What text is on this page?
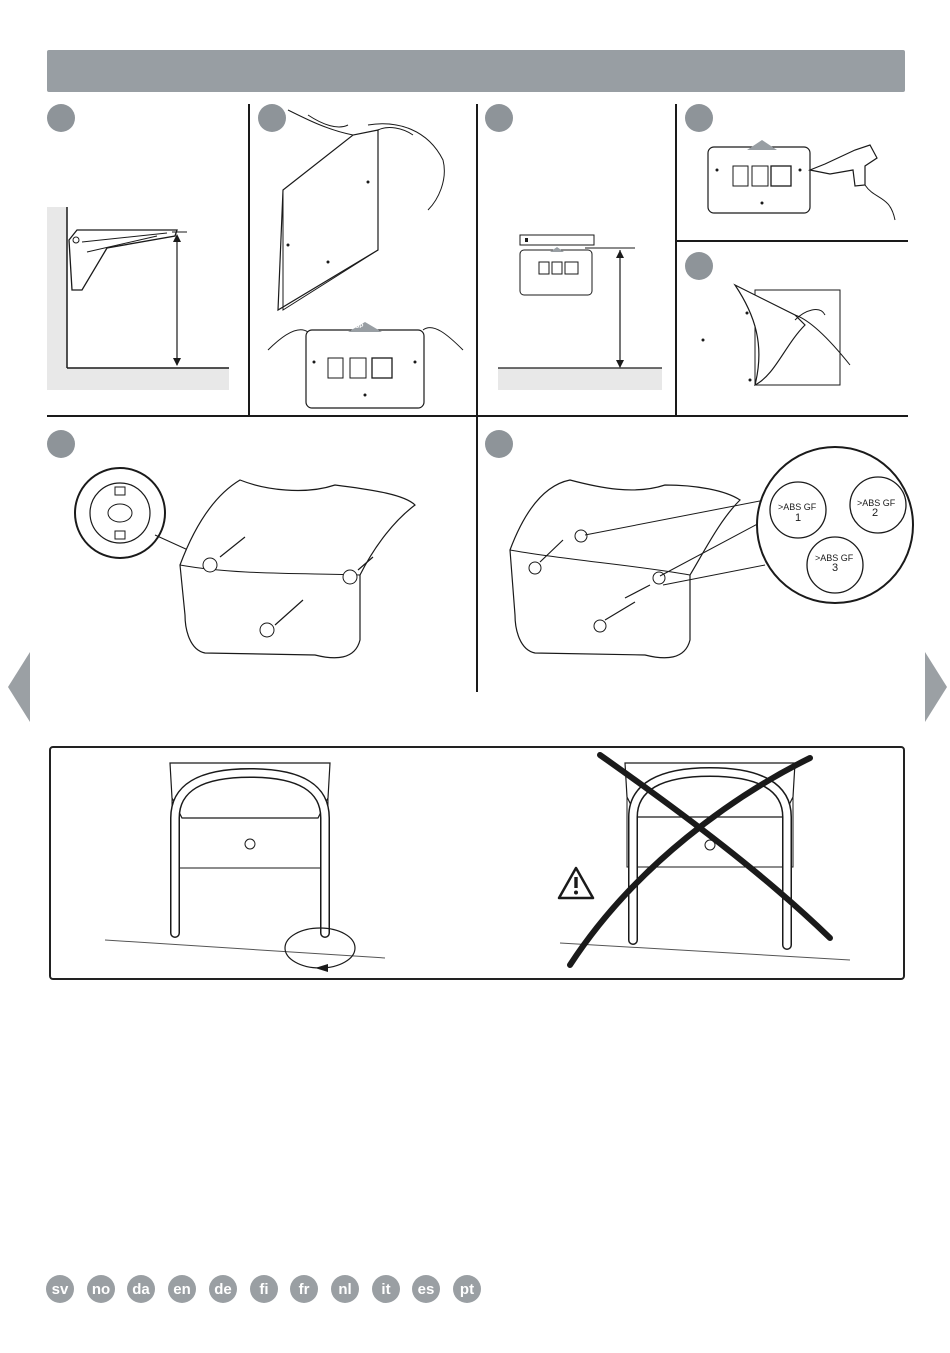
UP
>ABS GF
1
>ABS GF
2
>ABS GF
3
sv	no	da	en	de	fi	fr	nl	it	es	pt
